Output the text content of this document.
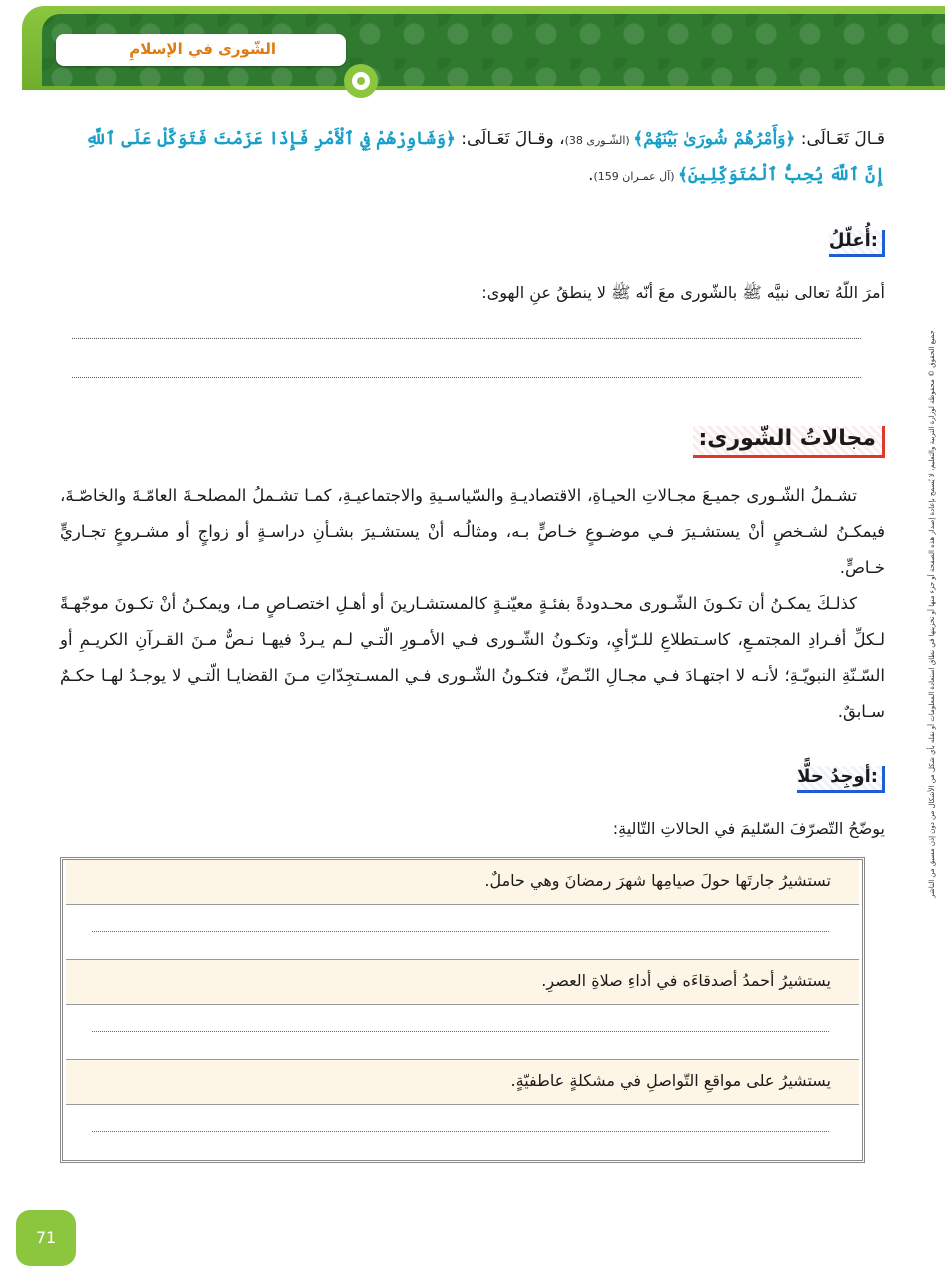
الشّورى في الإسلامِ
قـالَ تَعَـالَى: ﴿وَأَمْرُهُمْ شُورَىٰ بَيْنَهُمْ﴾ (الشّـورى 38)، وقـالَ تَعَـالَى: ﴿وَشَاوِرْهُمْ فِي ٱلْأَمْرِ فَإِذَا عَزَمْتَ فَتَوَكَّلْ عَلَى ٱللَّهِ إِنَّ ٱللَّهَ يُحِبُّ ٱلْمُتَوَكِّلِينَ﴾ (آل عمـران 159).
أُعلّلُ:
أمرَ اللّهُ تعالى نبيَّه ﷺ بالشّورى معَ أنّه ﷺ لا ينطقُ عنِ الهوى:
مجالاتُ الشّورى:
تشـملُ الشّـورى جميـعَ مجـالاتِ الحيـاةِ، الاقتصاديـةِ والسّياسـيةِ والاجتماعيـةِ، كمـا تشـملُ المصلحـةَ العامّـةَ والخاصّـةَ، فيمكـنُ لشـخصٍ أنْ يستشـيرَ فـي موضـوعٍ خـاصٍّ بـه، ومثالُـه أنْ يستشـيرَ بشـأنِ دراسـةٍ أو زواجٍ أو مشـروعٍ تجـاريٍّ خـاصٍّ.
كذلـكَ يمكـنُ أن تكـونَ الشّـورى محـدودةً بفئـةٍ معيّنـةٍ كالمستشـارينَ أو أهـلِ اختصـاصٍ مـا، ويمكـنُ أنْ تكـونَ موجّهـةً لـكلِّ أفـرادِ المجتمـعِ، كاسـتطلاعِ للـرّأيِ، وتكـونُ الشّـورى فـي الأمـورِ الّتـي لـم يـردْ فيهـا نـصٌّ مـنَ القـرآنِ الكريـمِ أو السّـنّةِ النبويّـةِ؛ لأنـه لا اجتهـادَ فـي مجـالِ النّـصِّ، فتكـونُ الشّـورى فـي المسـتجِدّاتِ مـنَ القضايـا الّتـي لا يوجـدُ لهـا حكـمٌ سـابقٌ.
أوجِدُ حلًّا:
يوضّحُ التّصرّفَ السّليمَ في الحالاتِ التّاليةِ:
تستشيرُ جارتَها حولَ صيامِها شهرَ رمضانَ وهي حاملٌ.
يستشيرُ أحمدُ أصدقاءَه في أداءِ صلاةِ العصرِ.
يستشيرُ على مواقعِ التّواصلِ في مشكلةٍ عاطفيّةٍ.
جميع الحقوق © محفوظة لوزارة التربية والتعليم، لا يُسمح بإعادة إصدار هذه الصفحة أو جزء منها أو تخزينها في نطاق استعادة المعلومات أو نقله بأي شكل من الأشكال من دون إذن مسبق من الناشر
71
